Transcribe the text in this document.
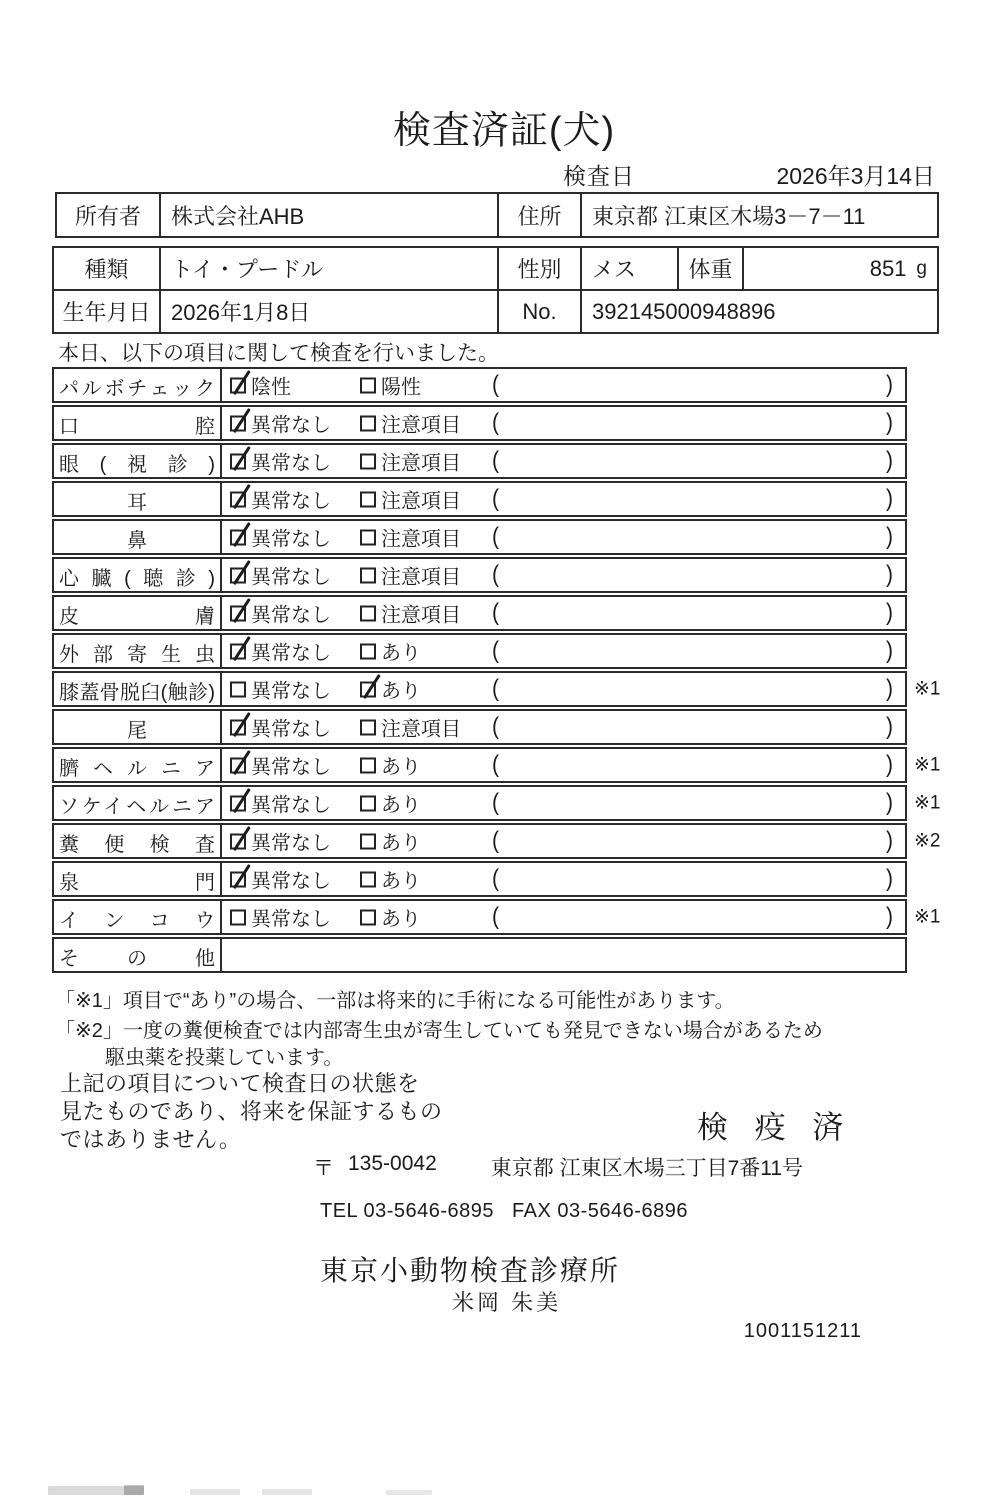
検査済証(犬)
検査日	2026年3月14日
所有者	株式会社AHB	住所	東京都 江東区木場3－7－11
種類	トイ・プードル	性別	メス	体重	851 g
生年月日 2026年1月8日	No.	392145000948896
本日、以下の項目に関して検査を行いました。
パルボチェック	陰性	陽性	(	)
口腔	異常なし	注意項目 (	)
眼(視診)	異常なし	注意項目 (	)
耳	異常なし	注意項目 (	)
鼻	異常なし	注意項目 (	)
心臓(聴診)	異常なし	注意項目 (	)
皮膚	異常なし	注意項目 (	)
外部寄生虫	異常なし	あり	(	)
膝蓋骨脱臼(触診)	異常なし	あり	(	) ※1
尾	異常なし	注意項目 (	)
臍ヘルニア	異常なし	あり	(	) ※1
ソケイヘルニア	異常なし	あり	(	) ※1
糞便検査	異常なし	あり	(	) ※2
泉門	異常なし	あり	(	)
インコウ	異常なし	あり	(	) ※1
その他
「※1」項目で“あり”の場合、一部は将来的に手術になる可能性があります。
「※2」一度の糞便検査では内部寄生虫が寄生していても発見できない場合があるため
駆虫薬を投薬しています。
上記の項目について検査日の状態を
見たものであり、将来を保証するもの
ではありません。	検 疫 済
〒 135-0042	東京都 江東区木場三丁目7番11号
TEL 03-5646-6895 FAX 03-5646-6896
東京小動物検査診療所
米岡 朱美
1001151211
